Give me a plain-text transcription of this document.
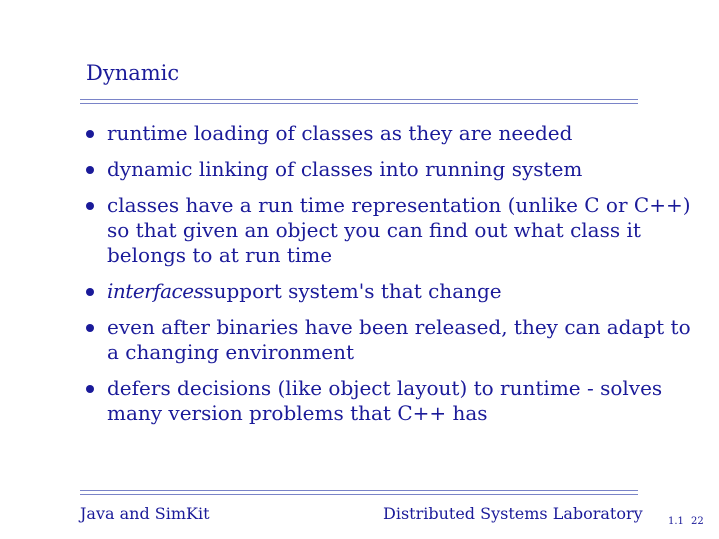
Dynamic
runtime loading of classes as they are needed
dynamic linking of classes into running system
classes have a run time representation (unlike C or C++) so that given an object you can find out what class it belongs to at run time
interfacessupport system's that change
even after binaries have been released, they can adapt to a changing environment
defers decisions (like object layout) to runtime - solves many version problems that C++ has
Java and SimKit	Distributed Systems Laboratory	1.1 22
